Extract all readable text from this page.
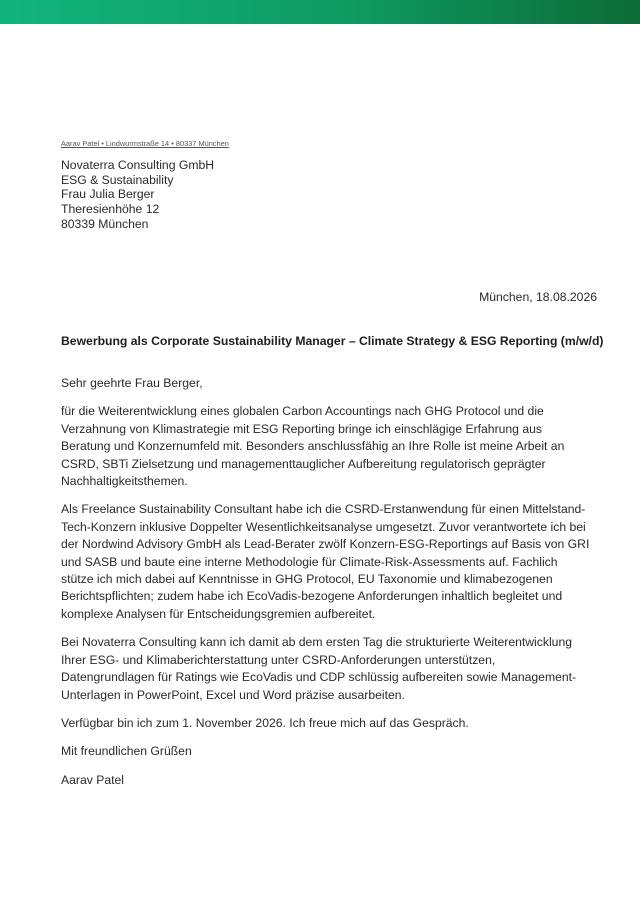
Aarav Patel • Lindwurmstraße 14 • 80337 München
Novaterra Consulting GmbH
ESG & Sustainability
Frau Julia Berger
Theresienhöhe 12
80339 München
München, 18.08.2026
Bewerbung als Corporate Sustainability Manager – Climate Strategy & ESG Reporting (m/w/d)

Sehr geehrte Frau Berger,

für die Weiterentwicklung eines globalen Carbon Accountings nach GHG Protocol und die Verzahnung von Klimastrategie mit ESG Reporting bringe ich einschlägige Erfahrung aus Beratung und Konzernumfeld mit. Besonders anschlussfähig an Ihre Rolle ist meine Arbeit an CSRD, SBTi Zielsetzung und managementtauglicher Aufbereitung regulatorisch geprägter Nachhaltigkeitsthemen.

Als Freelance Sustainability Consultant habe ich die CSRD-Erstanwendung für einen Mittelstand-Tech-Konzern inklusive Doppelter Wesentlichkeitsanalyse umgesetzt. Zuvor verantwortete ich bei der Nordwind Advisory GmbH als Lead-Berater zwölf Konzern-ESG-Reportings auf Basis von GRI und SASB und baute eine interne Methodologie für Climate-Risk-Assessments auf. Fachlich stütze ich mich dabei auf Kenntnisse in GHG Protocol, EU Taxonomie und klimabezogenen Berichtspflichten; zudem habe ich EcoVadis-bezogene Anforderungen inhaltlich begleitet und komplexe Analysen für Entscheidungsgremien aufbereitet.

Bei Novaterra Consulting kann ich damit ab dem ersten Tag die strukturierte Weiterentwicklung Ihrer ESG- und Klimaberichterstattung unter CSRD-Anforderungen unterstützen, Datengrundlagen für Ratings wie EcoVadis und CDP schlüssig aufbereiten sowie Management-Unterlagen in PowerPoint, Excel und Word präzise ausarbeiten.

Verfügbar bin ich zum 1. November 2026. Ich freue mich auf das Gespräch.

Mit freundlichen Grüßen

Aarav Patel
